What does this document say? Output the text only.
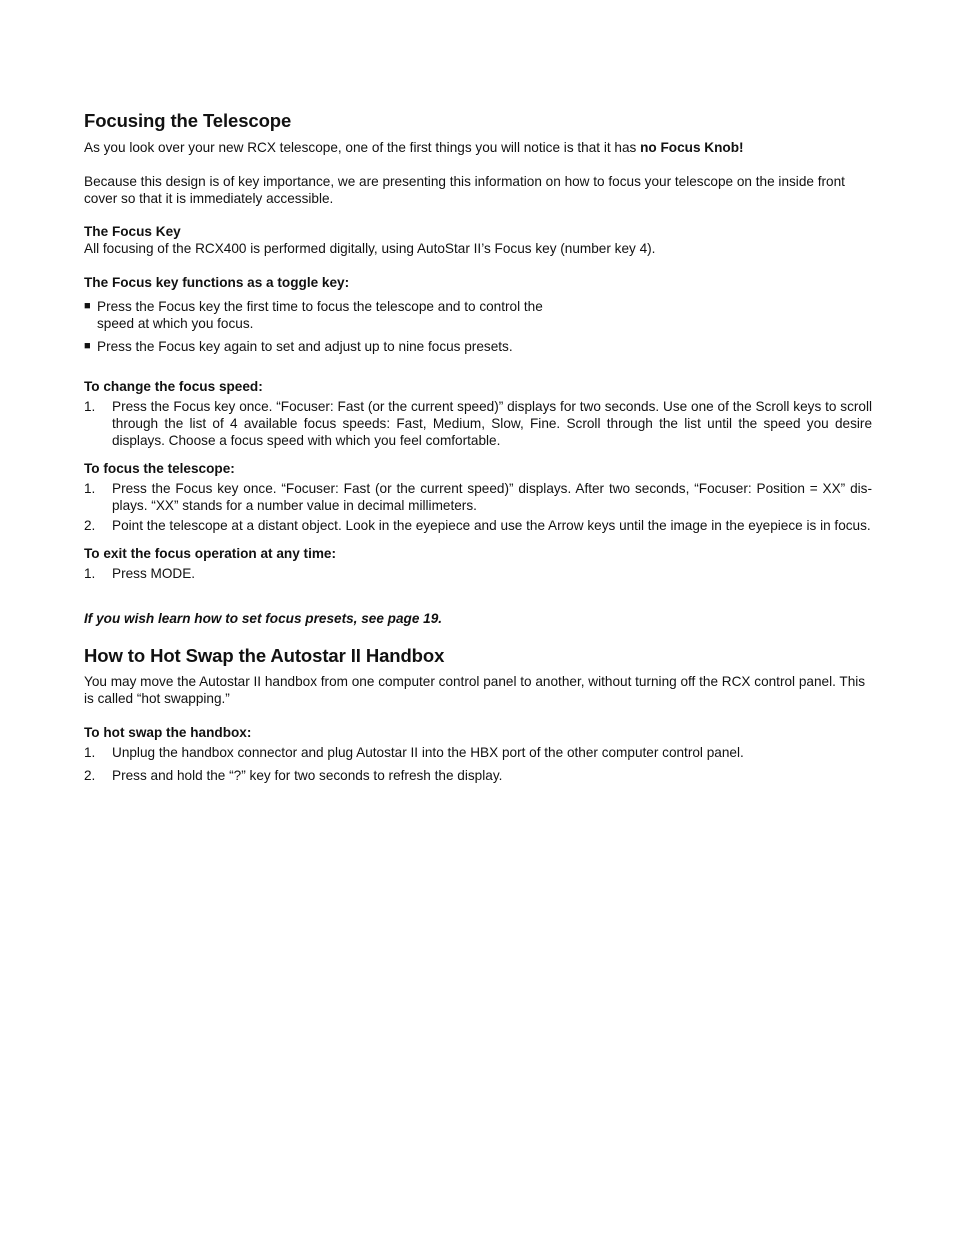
Focusing the Telescope

As you look over your new RCX telescope, one of the first things you will notice is that it has no Focus Knob!

Because this design is of key importance, we are presenting this information on how to focus your telescope on the inside front cover so that it is immediately accessible.

The Focus Key

All focusing of the RCX400 is performed digitally, using AutoStar II’s Focus key (number key 4).

The Focus key functions as a toggle key:

■ Press the Focus key the first time to focus the telescope and to control the speed at which you focus.
■ Press the Focus key again to set and adjust up to nine focus presets.

To change the focus speed:

1.	Press the Focus key once. “Focuser: Fast (or the current speed)” displays for two seconds. Use one of the Scroll keys to scroll through the list of 4 available focus speeds: Fast, Medium, Slow, Fine. Scroll through the list until the speed you desire displays. Choose a focus speed with which you feel comfortable.

To focus the telescope:

1.	Press the Focus key once. “Focuser: Fast (or the current speed)” displays. After two seconds, “Focuser: Position = XX” dis-plays. “XX” stands for a number value in decimal millimeters.
2.	Point the telescope at a distant object. Look in the eyepiece and use the Arrow keys until the image in the eyepiece is in focus.

To exit the focus operation at any time:

1.	Press MODE.

If you wish learn how to set focus presets, see page 19.

How to Hot Swap the Autostar II Handbox

You may move the Autostar II handbox from one computer control panel to another, without turning off the RCX control panel. This is called “hot swapping.”

To hot swap the handbox:

1.	Unplug the handbox connector and plug Autostar II into the HBX port of the other computer control panel.
2.	Press and hold the “?” key for two seconds to refresh the display.
